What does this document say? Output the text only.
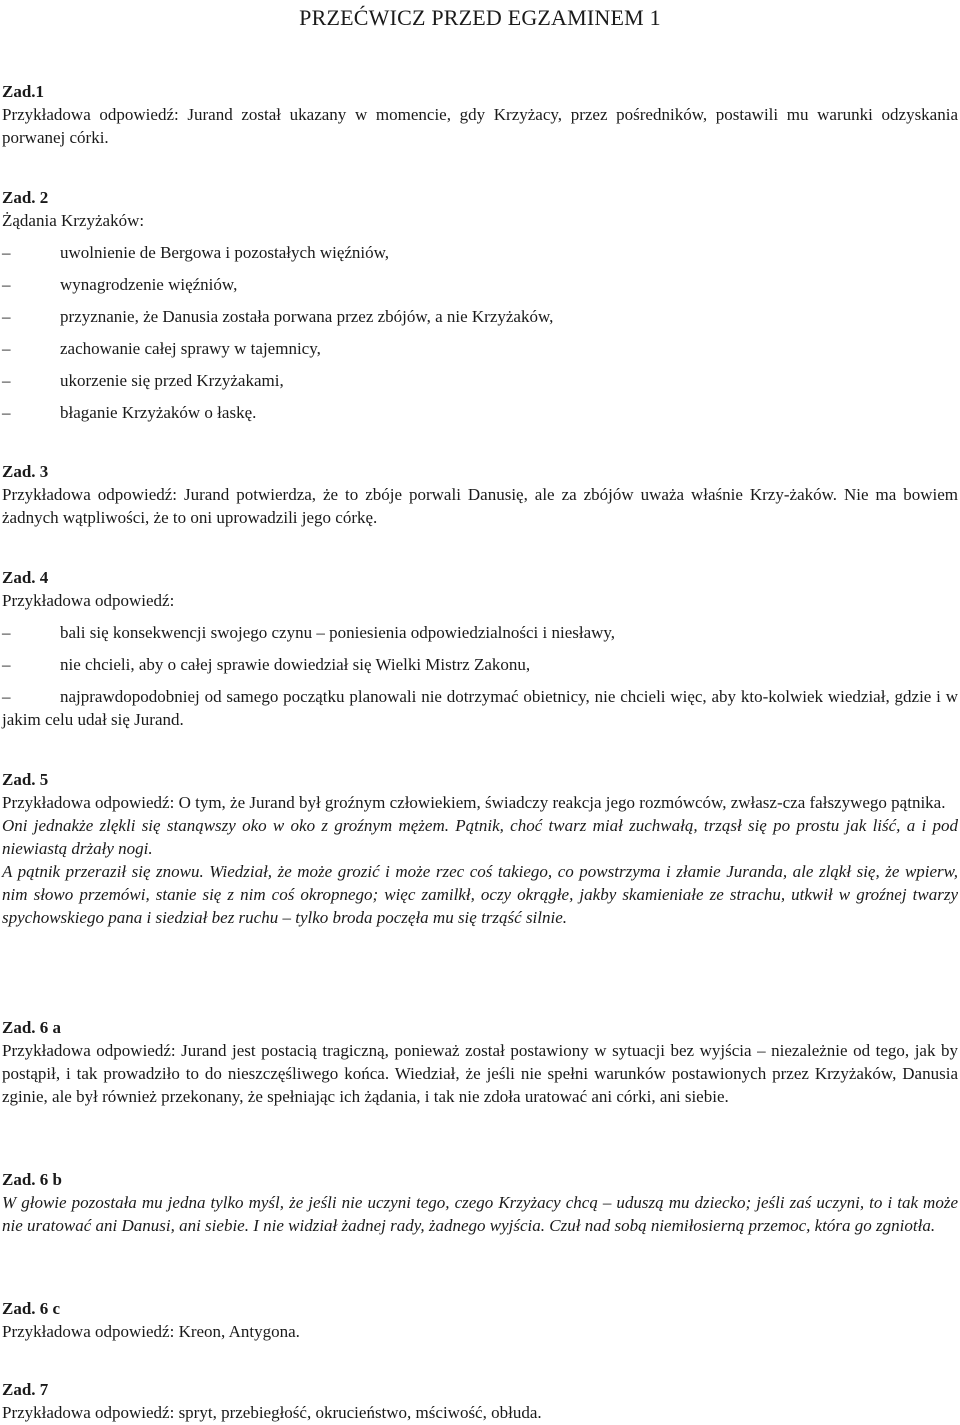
PRZEĆWICZ PRZED EGZAMINEM 1

Zad.1

Przykładowa odpowiedź: Jurand został ukazany w momencie, gdy Krzyżacy, przez pośredników, postawili mu warunki odzyskania porwanej córki.

Zad. 2

Żądania Krzyżaków:

–	uwolnienie de Bergowa i pozostałych więźniów,
–	wynagrodzenie więźniów,
–	przyznanie, że Danusia została porwana przez zbójów, a nie Krzyżaków,
–	zachowanie całej sprawy w tajemnicy,
–	ukorzenie się przed Krzyżakami,
–	błaganie Krzyżaków o łaskę.

Zad. 3

Przykładowa odpowiedź: Jurand potwierdza, że to zbóje porwali Danusię, ale za zbójów uważa właśnie Krzy-żaków. Nie ma bowiem żadnych wątpliwości, że to oni uprowadzili jego córkę.

Zad. 4

Przykładowa odpowiedź:

–	bali się konsekwencji swojego czynu – poniesienia odpowiedzialności i niesławy,
–	nie chcieli, aby o całej sprawie dowiedział się Wielki Mistrz Zakonu,
–	najprawdopodobniej od samego początku planowali nie dotrzymać obietnicy, nie chcieli więc, aby kto-kolwiek wiedział, gdzie i w jakim celu udał się Jurand.

Zad. 5

Przykładowa odpowiedź: O tym, że Jurand był groźnym człowiekiem, świadczy reakcja jego rozmówców, zwłasz-cza fałszywego pątnika.

Oni jednakże zlękli się stanąwszy oko w oko z groźnym mężem. Pątnik, choć twarz miał zuchwałą, trząsł się po prostu jak liść, a i pod niewiastą drżały nogi.

A pątnik przeraził się znowu. Wiedział, że może grozić i może rzec coś takiego, co powstrzyma i złamie Juranda, ale zląkł się, że wpierw, nim słowo przemówi, stanie się z nim coś okropnego; więc zamilkł, oczy okrągłe, jakby skamieniałe ze strachu, utkwił w groźnej twarzy spychowskiego pana i siedział bez ruchu – tylko broda poczęła mu się trząść silnie.

Zad. 6 a

Przykładowa odpowiedź: Jurand jest postacią tragiczną, ponieważ został postawiony w sytuacji bez wyjścia – niezależnie od tego, jak by postąpił, i tak prowadziło to do nieszczęśliwego końca. Wiedział, że jeśli nie spełni warunków postawionych przez Krzyżaków, Danusia zginie, ale był również przekonany, że spełniając ich żądania, i tak nie zdoła uratować ani córki, ani siebie.

Zad. 6 b

W głowie pozostała mu jedna tylko myśl, że jeśli nie uczyni tego, czego Krzyżacy chcą – uduszą mu dziecko; jeśli zaś uczyni, to i tak może nie uratować ani Danusi, ani siebie. I nie widział żadnej rady, żadnego wyjścia. Czuł nad sobą niemiłosierną przemoc, która go zgniotła.

Zad. 6 c

Przykładowa odpowiedź: Kreon, Antygona.

Zad. 7

Przykładowa odpowiedź: spryt, przebiegłość, okrucieństwo, mściwość, obłuda.
